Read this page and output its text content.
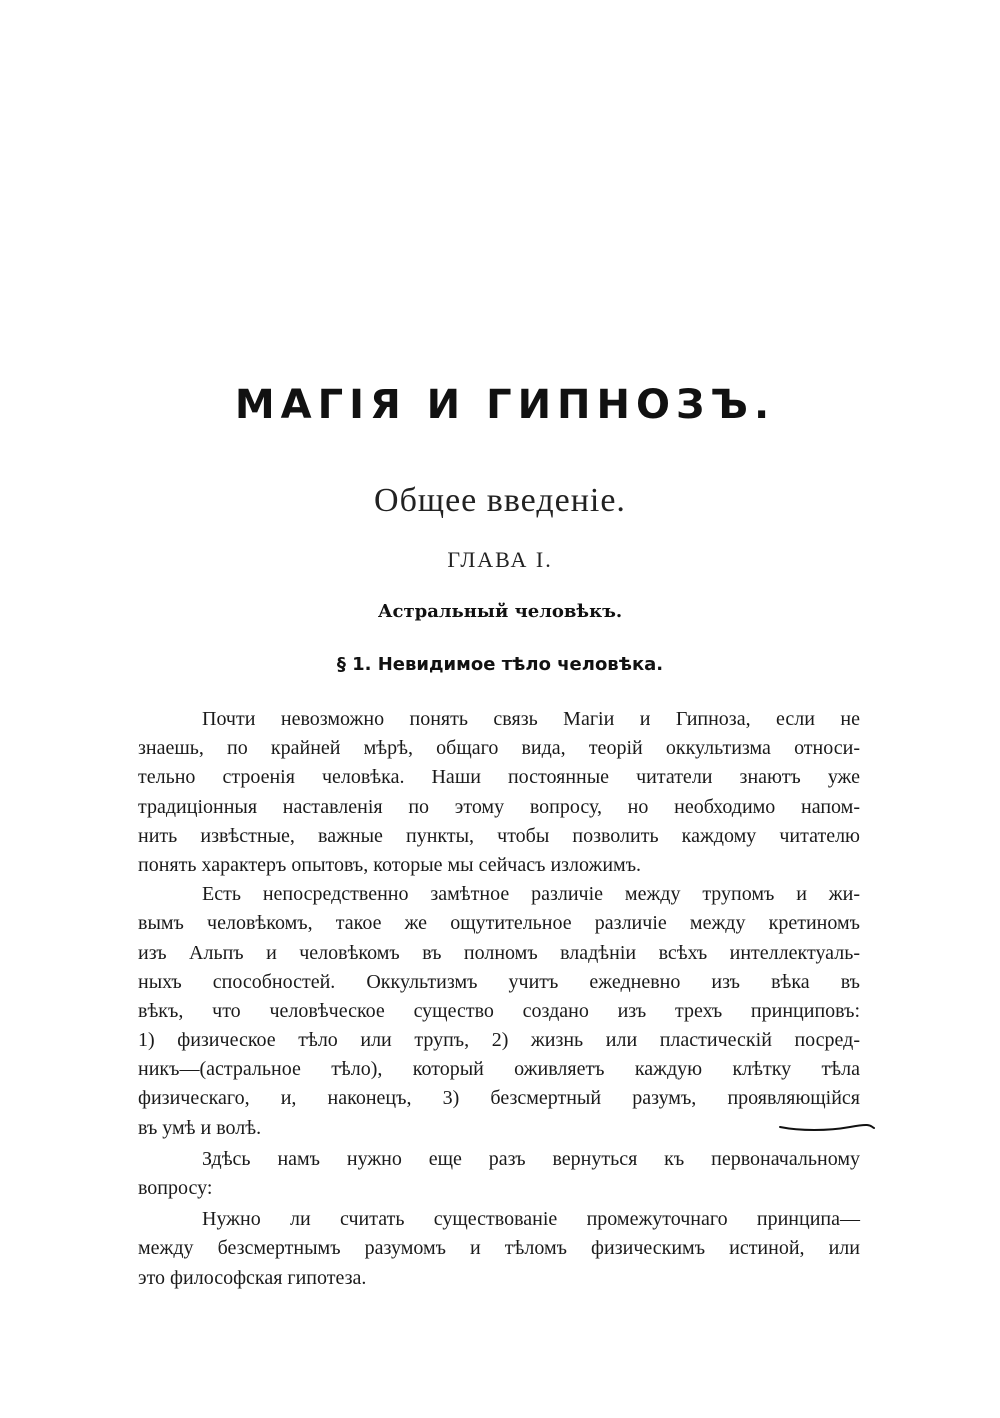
МАГІЯ И ГИПНОЗЪ.
Общее введеніе.
ГЛАВА I.
Астральный человѣкъ.
§ 1. Невидимое тѣло человѣка.
Почти невозможно понять связь Магіи и Гипноза, если не
знаешь, по крайней мѣрѣ, общаго вида, теорій оккультизма относи-
тельно строенія человѣка. Наши постоянные читатели знаютъ уже
традиціонныя наставленія по этому вопросу, но необходимо напом-
нить извѣстные, важные пункты, чтобы позволить каждому читателю
понять характеръ опытовъ, которые мы сейчасъ изложимъ.
Есть непосредственно замѣтное различіе между трупомъ и жи-
вымъ человѣкомъ, такое же ощутительное различіе между кретиномъ
изъ Альпъ и человѣкомъ въ полномъ владѣніи всѣхъ интеллектуаль-
ныхъ способностей. Оккультизмъ учитъ ежедневно изъ вѣка въ
вѣкъ, что человѣческое существо создано изъ трехъ принциповъ:
1) физическое тѣло или трупъ, 2) жизнь или пластическій посред-
никъ—(астральное тѣло), который оживляетъ каждую клѣтку тѣла
физическаго, и, наконецъ, 3) безсмертный разумъ, проявляющійся
въ умѣ и волѣ.
Здѣсь намъ нужно еще разъ вернуться къ первоначальному
вопросу:
Нужно ли считать существованіе промежуточнаго принципа—
между безсмертнымъ разумомъ и тѣломъ физическимъ истиной, или
это философская гипотеза.
